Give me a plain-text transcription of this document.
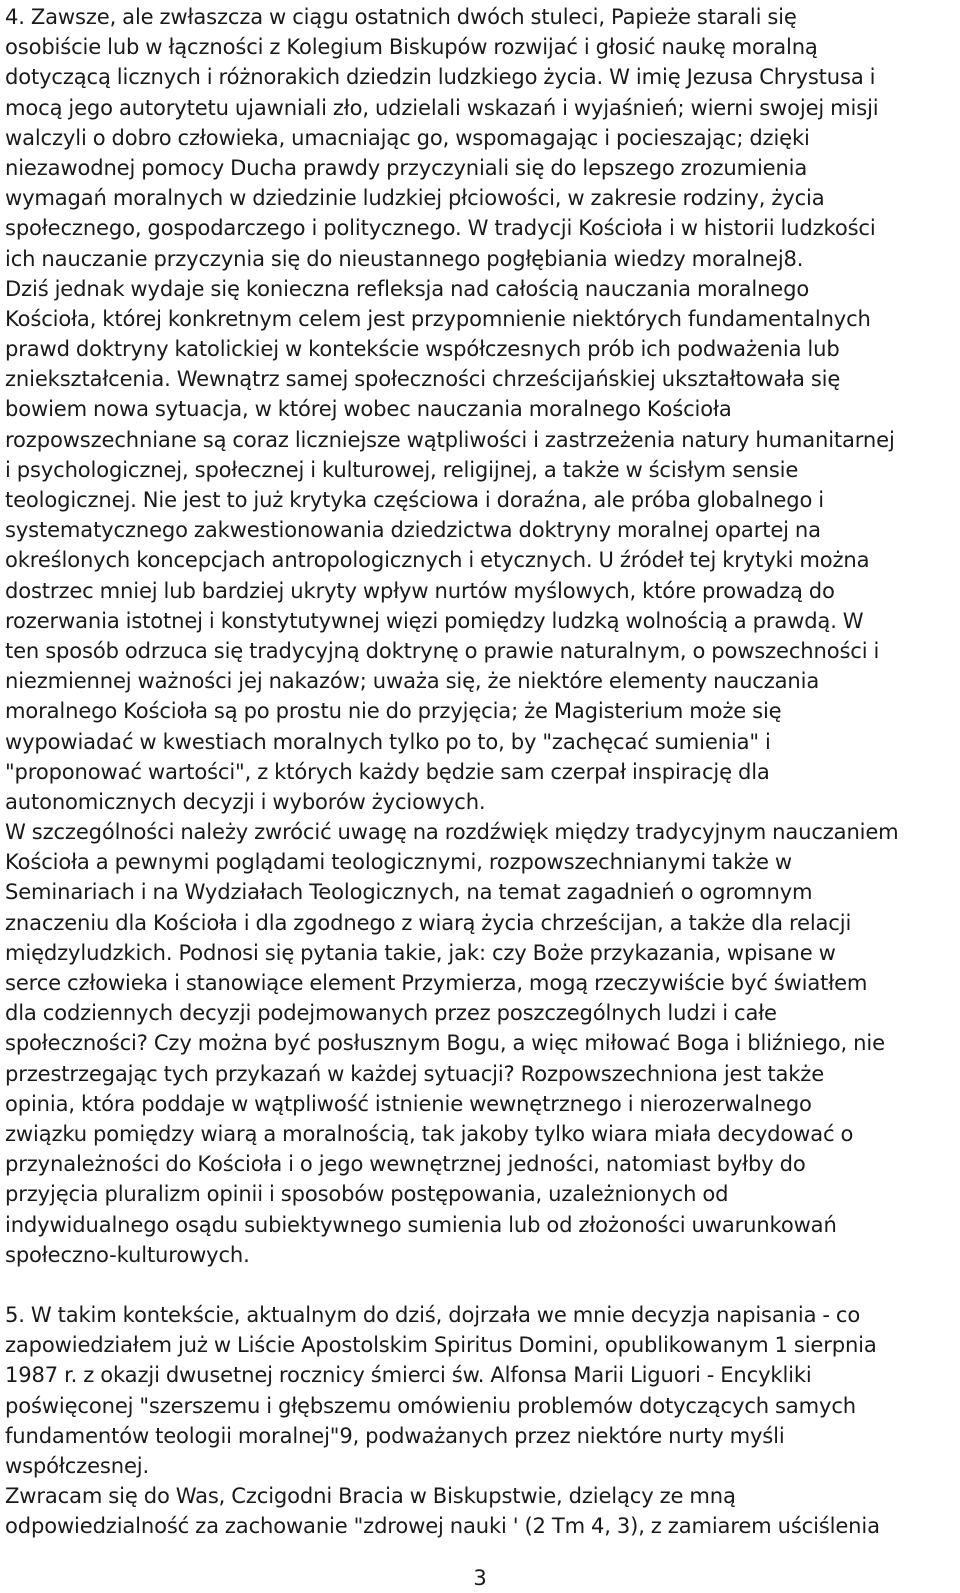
4. Zawsze, ale zwłaszcza w ciągu ostatnich dwóch stuleci, Papieże starali się
osobiście lub w łączności z Kolegium Biskupów rozwijać i głosić naukę moralną
dotyczącą licznych i różnorakich dziedzin ludzkiego życia. W imię Jezusa Chrystusa i
mocą jego autorytetu ujawniali zło, udzielali wskazań i wyjaśnień; wierni swojej misji
walczyli o dobro człowieka, umacniając go, wspomagając i pocieszając; dzięki
niezawodnej pomocy Ducha prawdy przyczyniali się do lepszego zrozumienia
wymagań moralnych w dziedzinie ludzkiej płciowości, w zakresie rodziny, życia
społecznego, gospodarczego i politycznego. W tradycji Kościoła i w historii ludzkości
ich nauczanie przyczynia się do nieustannego pogłębiania wiedzy moralnej8.
Dziś jednak wydaje się konieczna refleksja nad całością nauczania moralnego
Kościoła, której konkretnym celem jest przypomnienie niektórych fundamentalnych
prawd doktryny katolickiej w kontekście współczesnych prób ich podważenia lub
zniekształcenia. Wewnątrz samej społeczności chrześcijańskiej ukształtowała się
bowiem nowa sytuacja, w której wobec nauczania moralnego Kościoła
rozpowszechniane są coraz liczniejsze wątpliwości i zastrzeżenia natury humanitarnej
i psychologicznej, społecznej i kulturowej, religijnej, a także w ścisłym sensie
teologicznej. Nie jest to już krytyka częściowa i doraźna, ale próba globalnego i
systematycznego zakwestionowania dziedzictwa doktryny moralnej opartej na
określonych koncepcjach antropologicznych i etycznych. U źródeł tej krytyki można
dostrzec mniej lub bardziej ukryty wpływ nurtów myślowych, które prowadzą do
rozerwania istotnej i konstytutywnej więzi pomiędzy ludzką wolnością a prawdą. W
ten sposób odrzuca się tradycyjną doktrynę o prawie naturalnym, o powszechności i
niezmiennej ważności jej nakazów; uważa się, że niektóre elementy nauczania
moralnego Kościoła są po prostu nie do przyjęcia; że Magisterium może się
wypowiadać w kwestiach moralnych tylko po to, by "zachęcać sumienia" i
"proponować wartości", z których każdy będzie sam czerpał inspirację dla
autonomicznych decyzji i wyborów życiowych.
W szczególności należy zwrócić uwagę na rozdźwięk między tradycyjnym nauczaniem
Kościoła a pewnymi poglądami teologicznymi, rozpowszechnianymi także w
Seminariach i na Wydziałach Teologicznych, na temat zagadnień o ogromnym
znaczeniu dla Kościoła i dla zgodnego z wiarą życia chrześcijan, a także dla relacji
międzyludzkich. Podnosi się pytania takie, jak: czy Boże przykazania, wpisane w
serce człowieka i stanowiące element Przymierza, mogą rzeczywiście być światłem
dla codziennych decyzji podejmowanych przez poszczególnych ludzi i całe
społeczności? Czy można być posłusznym Bogu, a więc miłować Boga i bliźniego, nie
przestrzegając tych przykazań w każdej sytuacji? Rozpowszechniona jest także
opinia, która poddaje w wątpliwość istnienie wewnętrznego i nierozerwalnego
związku pomiędzy wiarą a moralnością, tak jakoby tylko wiara miała decydować o
przynależności do Kościoła i o jego wewnętrznej jedności, natomiast byłby do
przyjęcia pluralizm opinii i sposobów postępowania, uzależnionych od
indywidualnego osądu subiektywnego sumienia lub od złożoności uwarunkowań
społeczno-kulturowych.
5. W takim kontekście, aktualnym do dziś, dojrzała we mnie decyzja napisania - co
zapowiedziałem już w Liście Apostolskim Spiritus Domini, opublikowanym 1 sierpnia
1987 r. z okazji dwusetnej rocznicy śmierci św. Alfonsa Marii Liguori - Encykliki
poświęconej "szerszemu i głębszemu omówieniu problemów dotyczących samych
fundamentów teologii moralnej"9, podważanych przez niektóre nurty myśli
współczesnej.
Zwracam się do Was, Czcigodni Bracia w Biskupstwie, dzielący ze mną
odpowiedzialność za zachowanie "zdrowej nauki ' (2 Tm 4, 3), z zamiarem uściślenia
3
